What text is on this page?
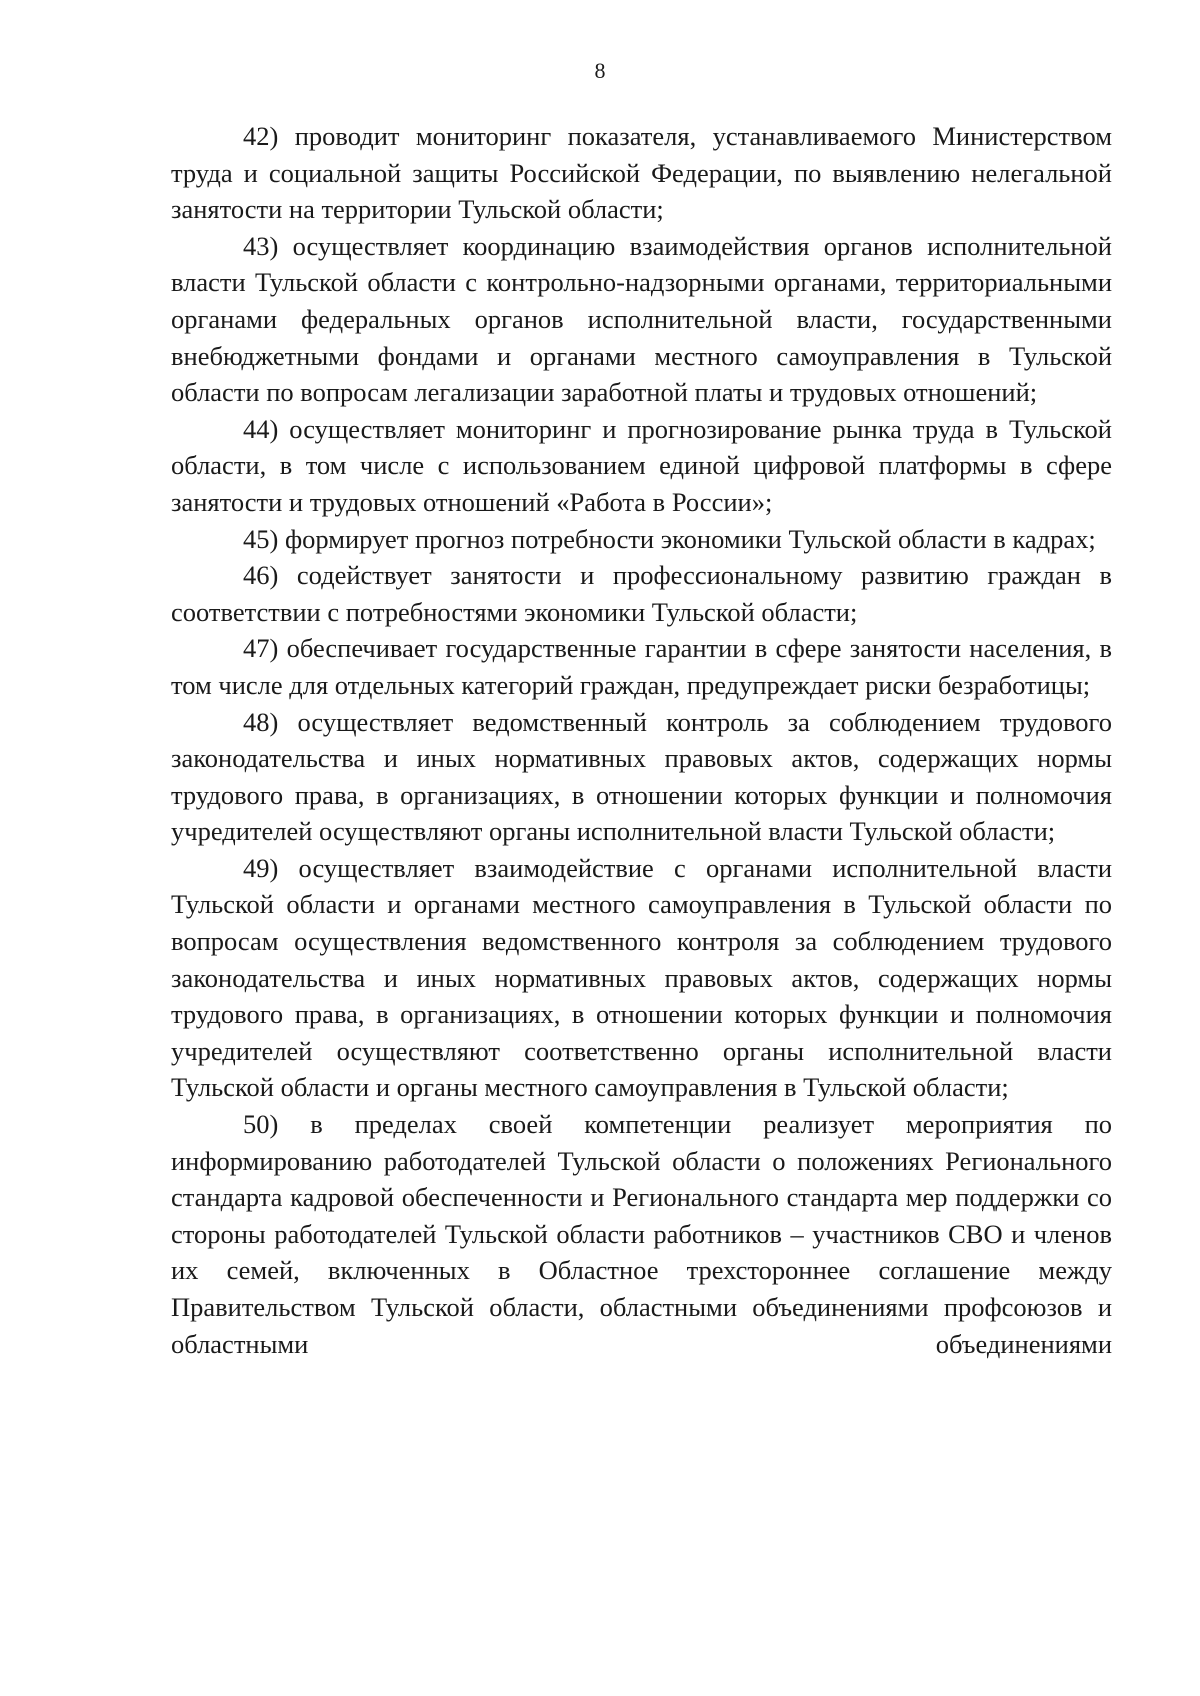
8

42) проводит мониторинг показателя, устанавливаемого Министерством труда и социальной защиты Российской Федерации, по выявлению нелегальной занятости на территории Тульской области;

43) осуществляет координацию взаимодействия органов исполнительной власти Тульской области с контрольно-надзорными органами, территориальными органами федеральных органов исполнительной власти, государственными внебюджетными фондами и органами местного самоуправления в Тульской области по вопросам легализации заработной платы и трудовых отношений;

44) осуществляет мониторинг и прогнозирование рынка труда в Тульской области, в том числе с использованием единой цифровой платформы в сфере занятости и трудовых отношений «Работа в России»;

45) формирует прогноз потребности экономики Тульской области в кадрах;

46) содействует занятости и профессиональному развитию граждан в соответствии с потребностями экономики Тульской области;

47) обеспечивает государственные гарантии в сфере занятости населения, в том числе для отдельных категорий граждан, предупреждает риски безработицы;

48) осуществляет ведомственный контроль за соблюдением трудового законодательства и иных нормативных правовых актов, содержащих нормы трудового права, в организациях, в отношении которых функции и полномочия учредителей осуществляют органы исполнительной власти Тульской области;

49) осуществляет взаимодействие с органами исполнительной власти Тульской области и органами местного самоуправления в Тульской области по вопросам осуществления ведомственного контроля за соблюдением трудового законодательства и иных нормативных правовых актов, содержащих нормы трудового права, в организациях, в отношении которых функции и полномочия учредителей осуществляют соответственно органы исполнительной власти Тульской области и органы местного самоуправления в Тульской области;

50) в пределах своей компетенции реализует мероприятия по информированию работодателей Тульской области о положениях Регионального стандарта кадровой обеспеченности и Регионального стандарта мер поддержки со стороны работодателей Тульской области работников – участников СВО и членов их семей, включенных в Областное трехстороннее соглашение между Правительством Тульской области, областными объединениями профсоюзов и областными объединениями
